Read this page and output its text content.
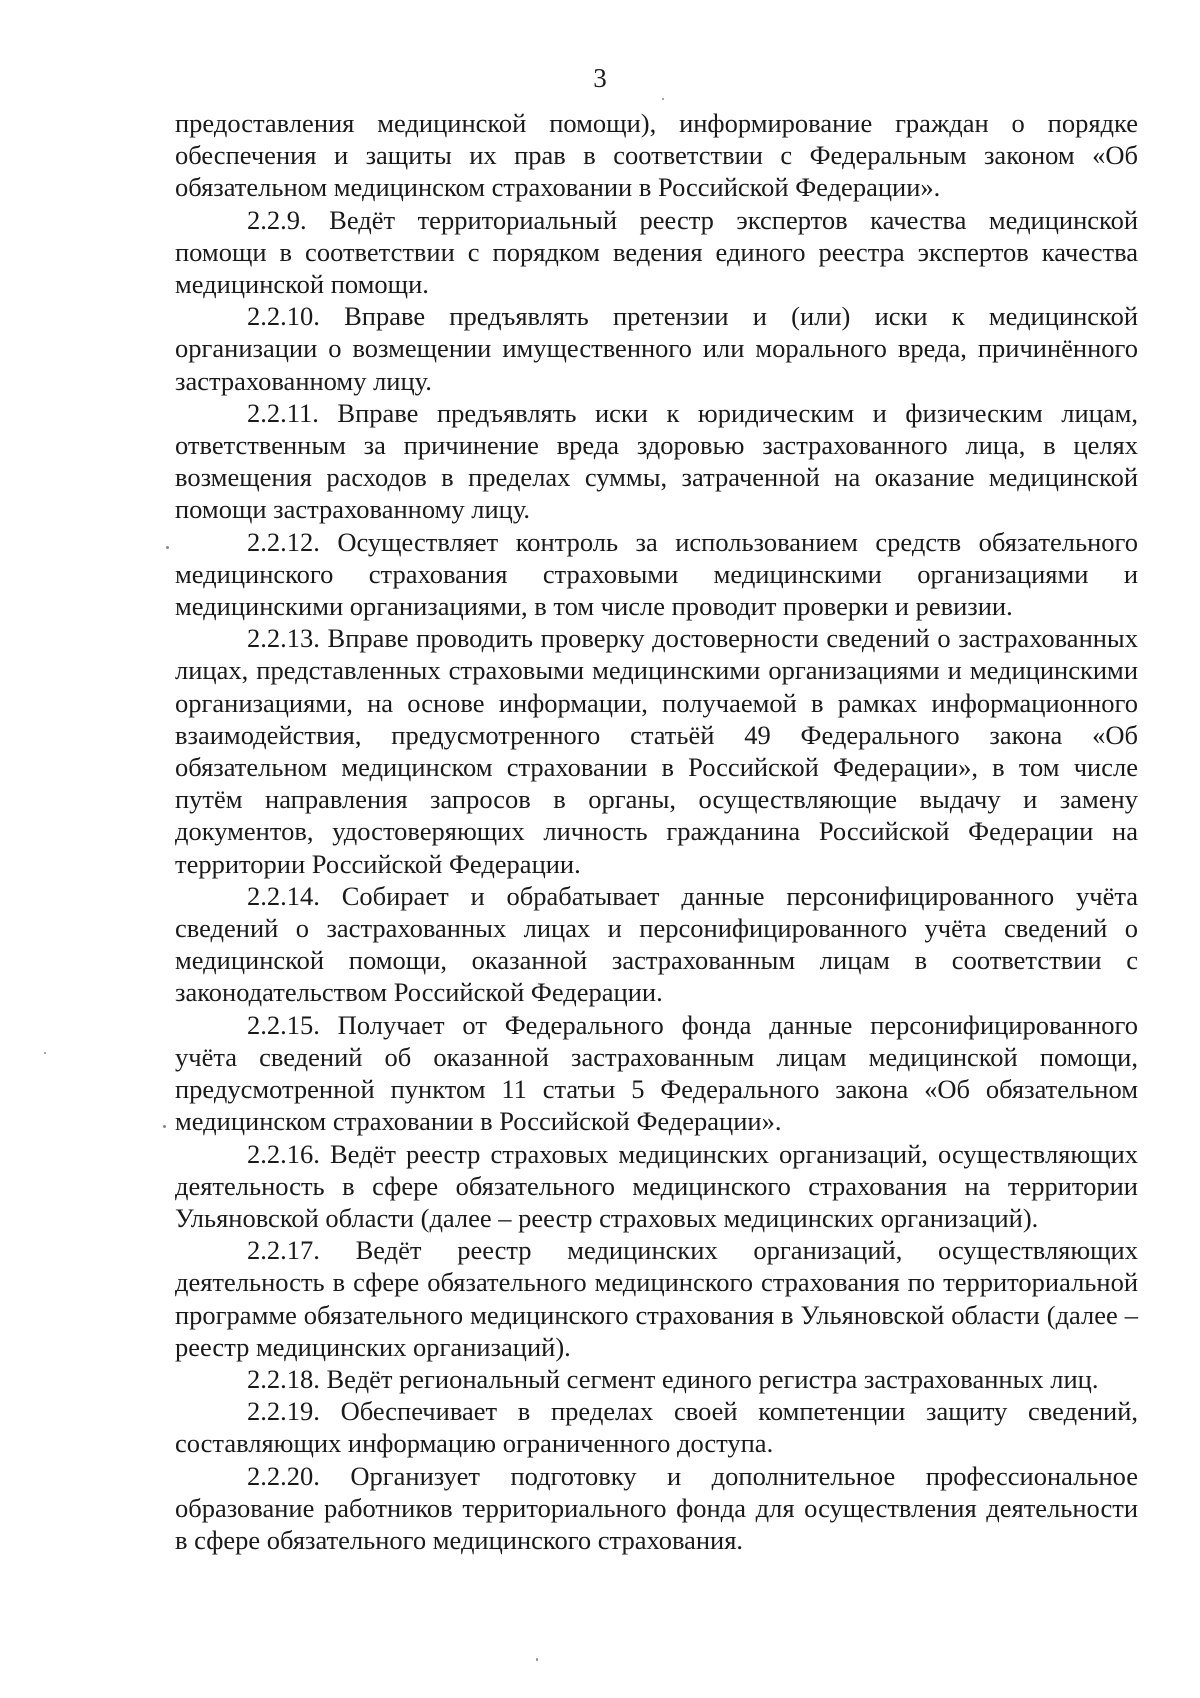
3

предоставления медицинской помощи), информирование граждан о порядке обеспечения и защиты их прав в соответствии с Федеральным законом «Об обязательном медицинском страховании в Российской Федерации».

2.2.9. Ведёт территориальный реестр экспертов качества медицинской помощи в соответствии с порядком ведения единого реестра экспертов качества медицинской помощи.

2.2.10. Вправе предъявлять претензии и (или) иски к медицинской организации о возмещении имущественного или морального вреда, причинённого застрахованному лицу.

2.2.11. Вправе предъявлять иски к юридическим и физическим лицам, ответственным за причинение вреда здоровью застрахованного лица, в целях возмещения расходов в пределах суммы, затраченной на оказание медицинской помощи застрахованному лицу.

2.2.12. Осуществляет контроль за использованием средств обязательного медицинского страхования страховыми медицинскими организациями и медицинскими организациями, в том числе проводит проверки и ревизии.

2.2.13. Вправе проводить проверку достоверности сведений о застрахованных лицах, представленных страховыми медицинскими организациями и медицинскими организациями, на основе информации, получаемой в рамках информационного взаимодействия, предусмотренного статьёй 49 Федерального закона «Об обязательном медицинском страховании в Российской Федерации», в том числе путём направления запросов в органы, осуществляющие выдачу и замену документов, удостоверяющих личность гражданина Российской Федерации на территории Российской Федерации.

2.2.14. Собирает и обрабатывает данные персонифицированного учёта сведений о застрахованных лицах и персонифицированного учёта сведений о медицинской помощи, оказанной застрахованным лицам в соответствии с законодательством Российской Федерации.

2.2.15. Получает от Федерального фонда данные персонифицированного учёта сведений об оказанной застрахованным лицам медицинской помощи, предусмотренной пунктом 11 статьи 5 Федерального закона «Об обязательном медицинском страховании в Российской Федерации».

2.2.16. Ведёт реестр страховых медицинских организаций, осуществляющих деятельность в сфере обязательного медицинского страхования на территории Ульяновской области (далее – реестр страховых медицинских организаций).

2.2.17. Ведёт реестр медицинских организаций, осуществляющих деятельность в сфере обязательного медицинского страхования по территориальной программе обязательного медицинского страхования в Ульяновской области (далее – реестр медицинских организаций).

2.2.18. Ведёт региональный сегмент единого регистра застрахованных лиц.

2.2.19. Обеспечивает в пределах своей компетенции защиту сведений, составляющих информацию ограниченного доступа.

2.2.20. Организует подготовку и дополнительное профессиональное образование работников территориального фонда для осуществления деятельности в сфере обязательного медицинского страхования.
